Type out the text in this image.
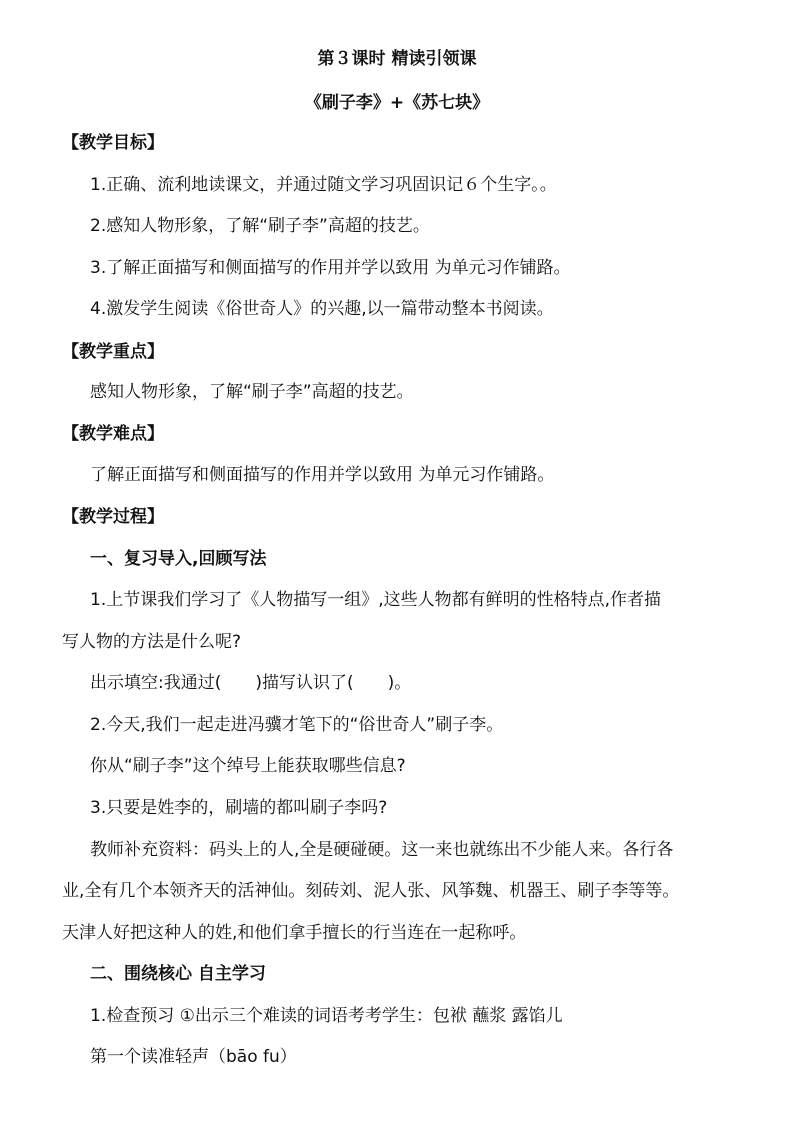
第３课时 精读引领课
《刷子李》+《苏七块》
【教学目标】
1.正确、流利地读课文，并通过随文学习巩固识记６个生字。。
2.感知人物形象，了解“刷子李”高超的技艺。
3.了解正面描写和侧面描写的作用并学以致用 为单元习作铺路。
4.激发学生阅读《俗世奇人》的兴趣,以一篇带动整本书阅读。
【教学重点】
感知人物形象，了解“刷子李”高超的技艺。
【教学难点】
了解正面描写和侧面描写的作用并学以致用 为单元习作铺路。
【教学过程】
一、复习导入,回顾写法
1.上节课我们学习了《人物描写一组》,这些人物都有鲜明的性格特点,作者描
写人物的方法是什么呢?
出示填空:我通过(　　)描写认识了(　　)。
2.今天,我们一起走进冯骥才笔下的“俗世奇人”刷子李。
你从“刷子李”这个绰号上能获取哪些信息?
3.只要是姓李的，刷墙的都叫刷子李吗?
教师补充资料：码头上的人,全是硬碰硬。这一来也就练出不少能人来。各行各
业,全有几个本领齐天的活神仙。刻砖刘、泥人张、风筝魏、机器王、刷子李等等。
天津人好把这种人的姓,和他们拿手擅长的行当连在一起称呼。
二、围绕核心 自主学习
1.检查预习 ①出示三个难读的词语考考学生：包袱 蘸浆 露馅儿
第一个读准轻声（bāo fu）
